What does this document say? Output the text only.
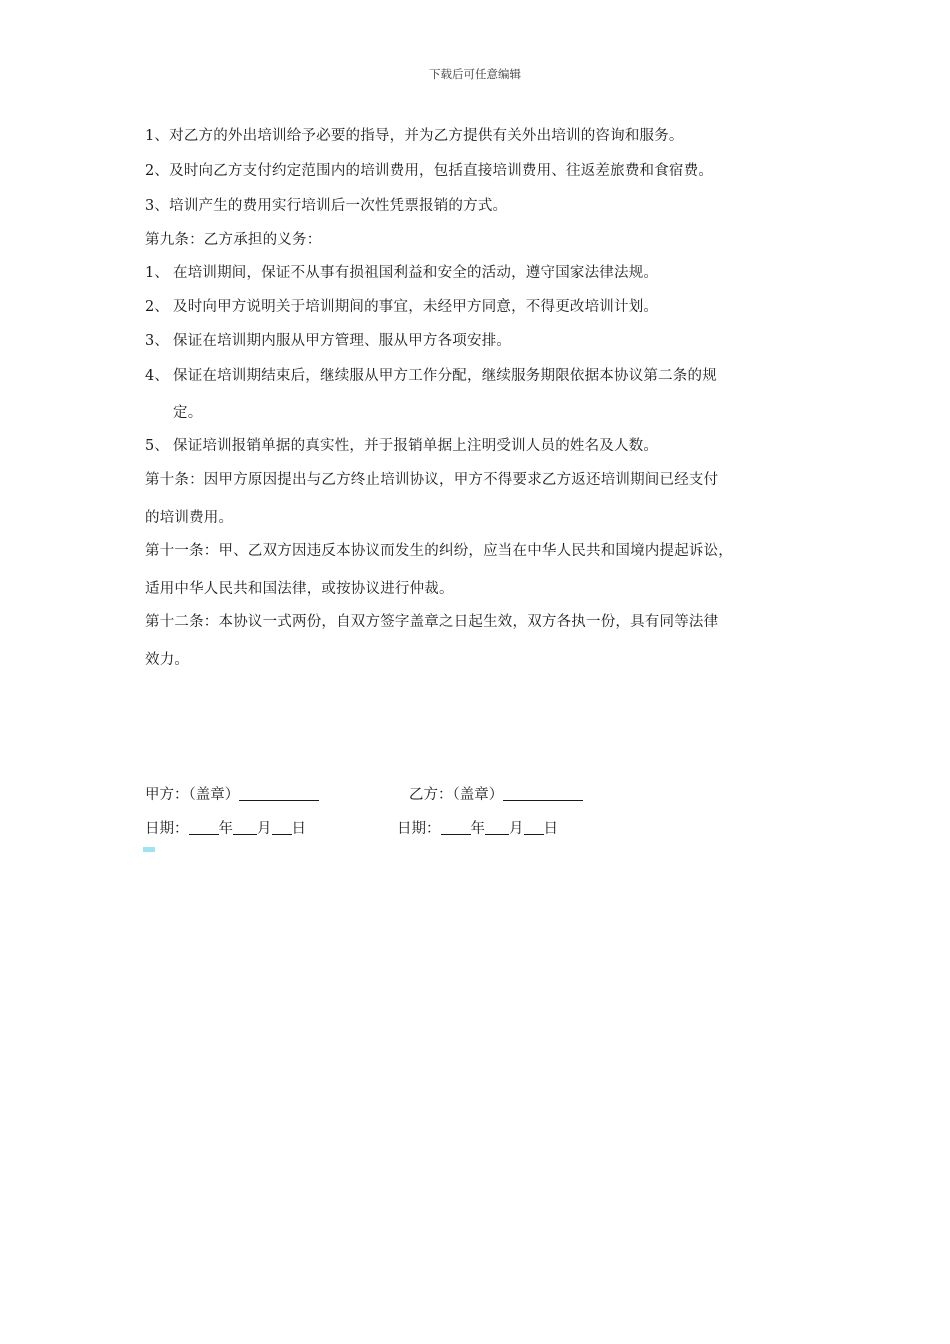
下载后可任意编辑
1、对乙方的外出培训给予必要的指导，并为乙方提供有关外出培训的咨询和服务。
2、及时向乙方支付约定范围内的培训费用，包括直接培训费用、往返差旅费和食宿费。
3、培训产生的费用实行培训后一次性凭票报销的方式。
第九条：乙方承担的义务：
1、 在培训期间，保证不从事有损祖国利益和安全的活动，遵守国家法律法规。
2、 及时向甲方说明关于培训期间的事宜，未经甲方同意，不得更改培训计划。
3、 保证在培训期内服从甲方管理、服从甲方各项安排。
4、 保证在培训期结束后，继续服从甲方工作分配，继续服务期限依据本协议第二条的规
定。
5、 保证培训报销单据的真实性，并于报销单据上注明受训人员的姓名及人数。
第十条：因甲方原因提出与乙方终止培训协议，甲方不得要求乙方返还培训期间已经支付
的培训费用。
第十一条：甲、乙双方因违反本协议而发生的纠纷，应当在中华人民共和国境内提起诉讼，
适用中华人民共和国法律，或按协议进行仲裁。
第十二条：本协议一式两份，自双方签字盖章之日起生效，双方各执一份，具有同等法律
效力。
甲方：（盖章）	乙方：（盖章）
日期： 年 月 日	日期： 年 月 日
